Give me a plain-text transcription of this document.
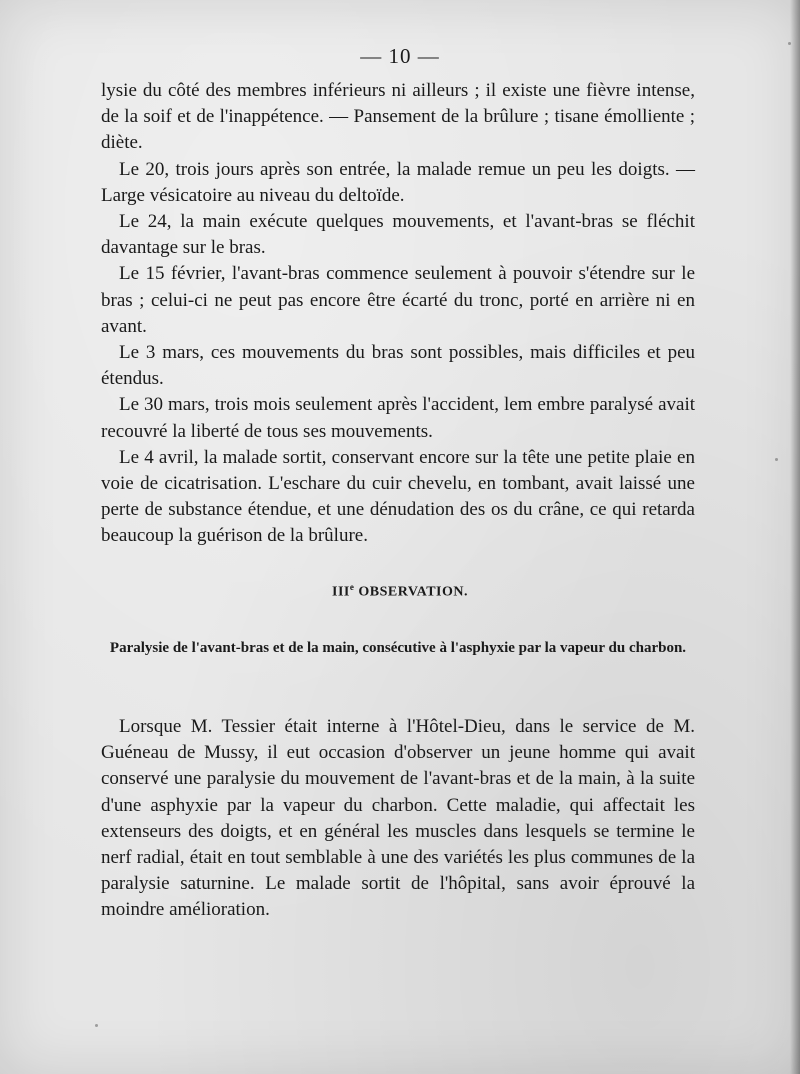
— 10 —

lysie du côté des membres inférieurs ni ailleurs ; il existe une fièvre intense, de la soif et de l'inappétence. — Pansement de la brûlure ; tisane émolliente ; diète.

Le 20, trois jours après son entrée, la malade remue un peu les doigts. — Large vésicatoire au niveau du deltoïde.

Le 24, la main exécute quelques mouvements, et l'avant-bras se fléchit davantage sur le bras.

Le 15 février, l'avant-bras commence seulement à pouvoir s'étendre sur le bras ; celui-ci ne peut pas encore être écarté du tronc, porté en arrière ni en avant.

Le 3 mars, ces mouvements du bras sont possibles, mais difficiles et peu étendus.

Le 30 mars, trois mois seulement après l'accident, lem embre paralysé avait recouvré la liberté de tous ses mouvements.

Le 4 avril, la malade sortit, conservant encore sur la tête une petite plaie en voie de cicatrisation. L'eschare du cuir chevelu, en tombant, avait laissé une perte de substance étendue, et une dénudation des os du crâne, ce qui retarda beaucoup la guérison de la brûlure.

IIIe OBSERVATION.
Paralysie de l'avant-bras et de la main, consécutive à l'asphyxie par la vapeur du charbon.

Lorsque M. Tessier était interne à l'Hôtel-Dieu, dans le service de M. Guéneau de Mussy, il eut occasion d'observer un jeune homme qui avait conservé une paralysie du mouvement de l'avant-bras et de la main, à la suite d'une asphyxie par la vapeur du charbon. Cette maladie, qui affectait les extenseurs des doigts, et en général les muscles dans lesquels se termine le nerf radial, était en tout semblable à une des variétés les plus communes de la paralysie saturnine. Le malade sortit de l'hôpital, sans avoir éprouvé la moindre amélioration.
